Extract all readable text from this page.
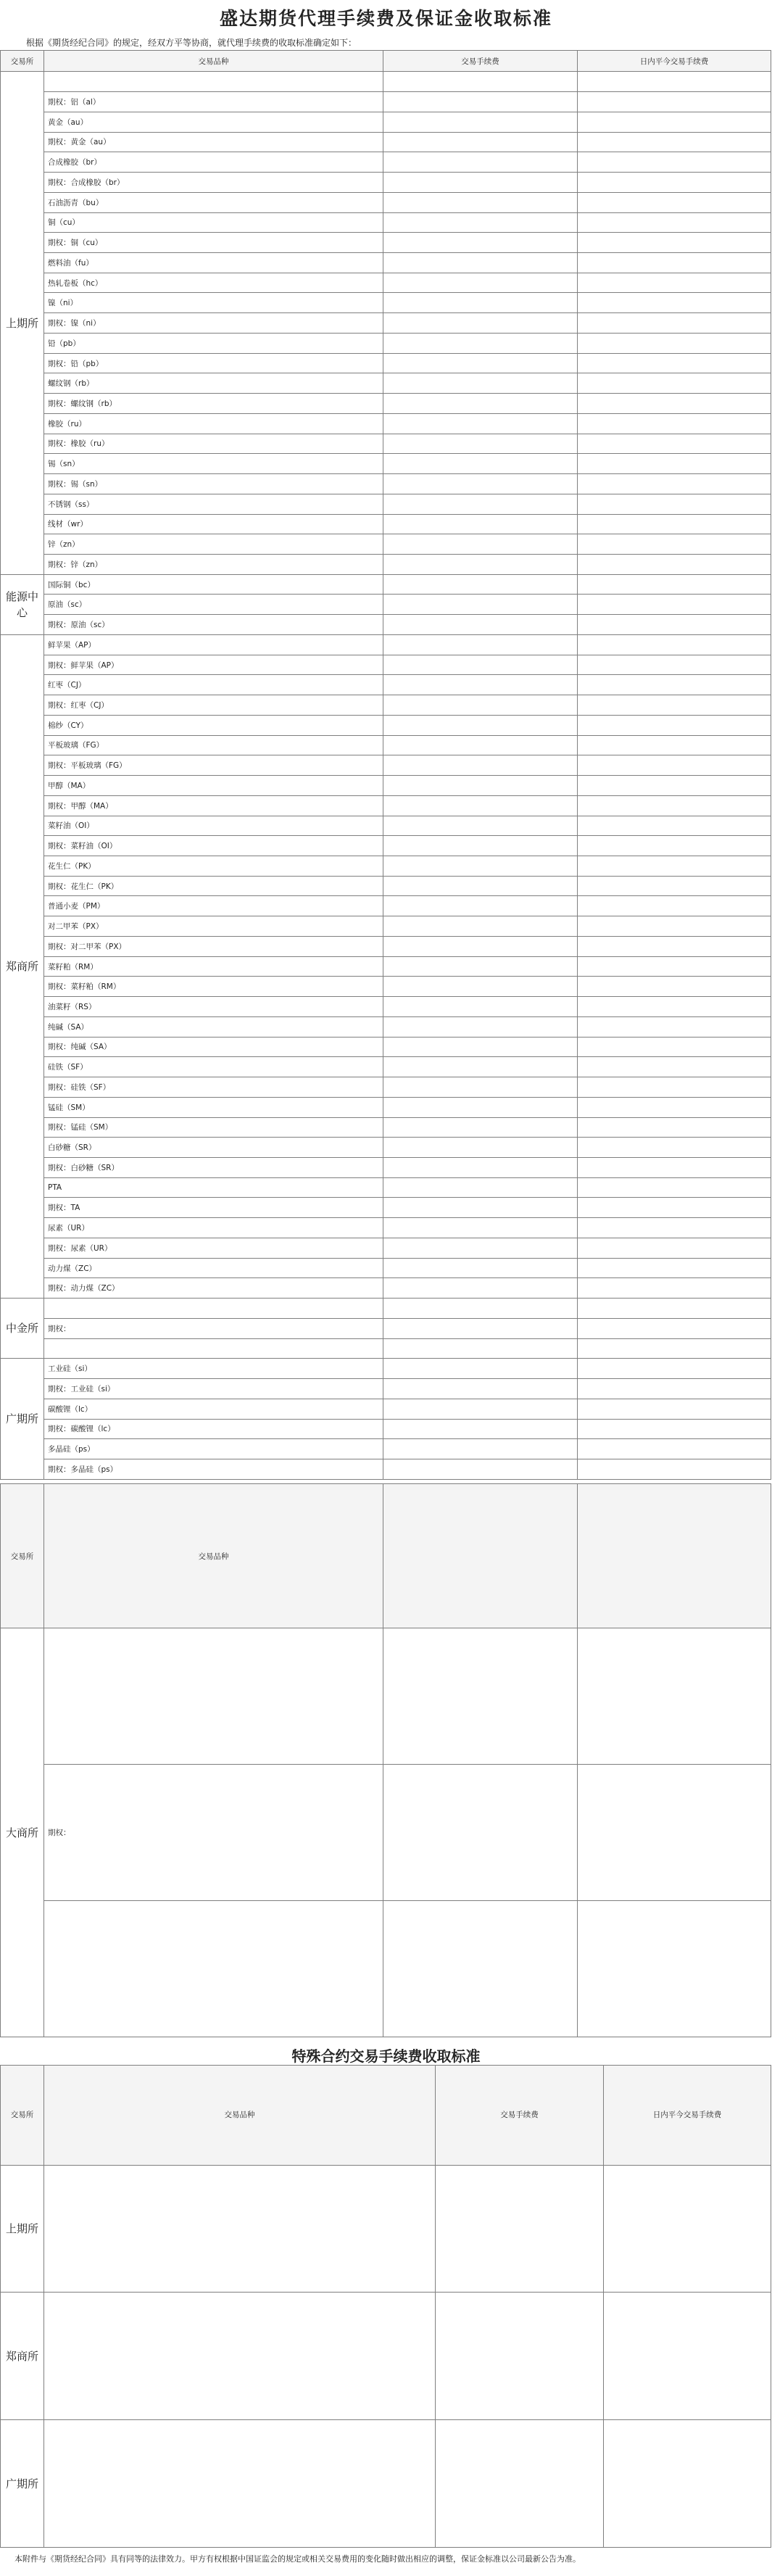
盛达期货代理手续费及保证金收取标准
根据《期货经纪合同》的规定，经双方平等协商，就代理手续费的收取标准确定如下：
交易所	交易品种	交易手续费	日内平今交易手续费
上期所			
	期权：铝（al）		
	黄金（au）		
	期权：黄金（au）		
	合成橡胶（br）		
	期权：合成橡胶（br）		
	石油沥青（bu）		
	铜（cu）		
	期权：铜（cu）		
	燃料油（fu）		
	热轧卷板（hc）		
	镍（ni）		
	期权：镍（ni）		
	铅（pb）		
	期权：铅（pb）		
	螺纹钢（rb）		
	期权：螺纹钢（rb）		
	橡胶（ru）		
	期权：橡胶（ru）		
	锡（sn）		
	期权：锡（sn）		
	不锈钢（ss）		
	线材（wr）		
	锌（zn）		
	期权：锌（zn）		
能源中心	国际铜（bc）		
	原油（sc）		
	期权：原油（sc）		
郑商所	鲜苹果（AP）		
	期权：鲜苹果（AP）		
	红枣（CJ）		
	期权：红枣（CJ）		
	棉纱（CY）		
	平板玻璃（FG）		
	期权：平板玻璃（FG）		
	甲醇（MA）		
	期权：甲醇（MA）		
	菜籽油（OI）		
	期权：菜籽油（OI）		
	花生仁（PK）		
	期权：花生仁（PK）		
	普通小麦（PM）		
	对二甲苯（PX）		
	期权：对二甲苯（PX）		
	菜籽粕（RM）		
	期权：菜籽粕（RM）		
	油菜籽（RS）		
	纯碱（SA）		
	期权：纯碱（SA）		
	硅铁（SF）		
	期权：硅铁（SF）		
	锰硅（SM）		
	期权：锰硅（SM）		
	白砂糖（SR）		
	期权：白砂糖（SR）		
	PTA		
	期权：TA		
	尿素（UR）		
	期权：尿素（UR）		
	动力煤（ZC）		
	期权：动力煤（ZC）		
中金所			
	期权：		

广期所	工业硅（si）		
	期权：工业硅（si）		
	碳酸锂（lc）		
	期权：碳酸锂（lc）		
	多晶硅（ps）		
	期权：多晶硅（ps）		
交易所	交易品种		
大商所			
	期权：		

特殊合约交易手续费收取标准
交易所	交易品种	交易手续费	日内平今交易手续费	
上期所				
郑商所				
广期所				
本附件与《期货经纪合同》具有同等的法律效力。甲方有权根据中国证监会的规定或相关交易费用的变化随时做出相应的调整，保证金标准以公司最新公告为准。
